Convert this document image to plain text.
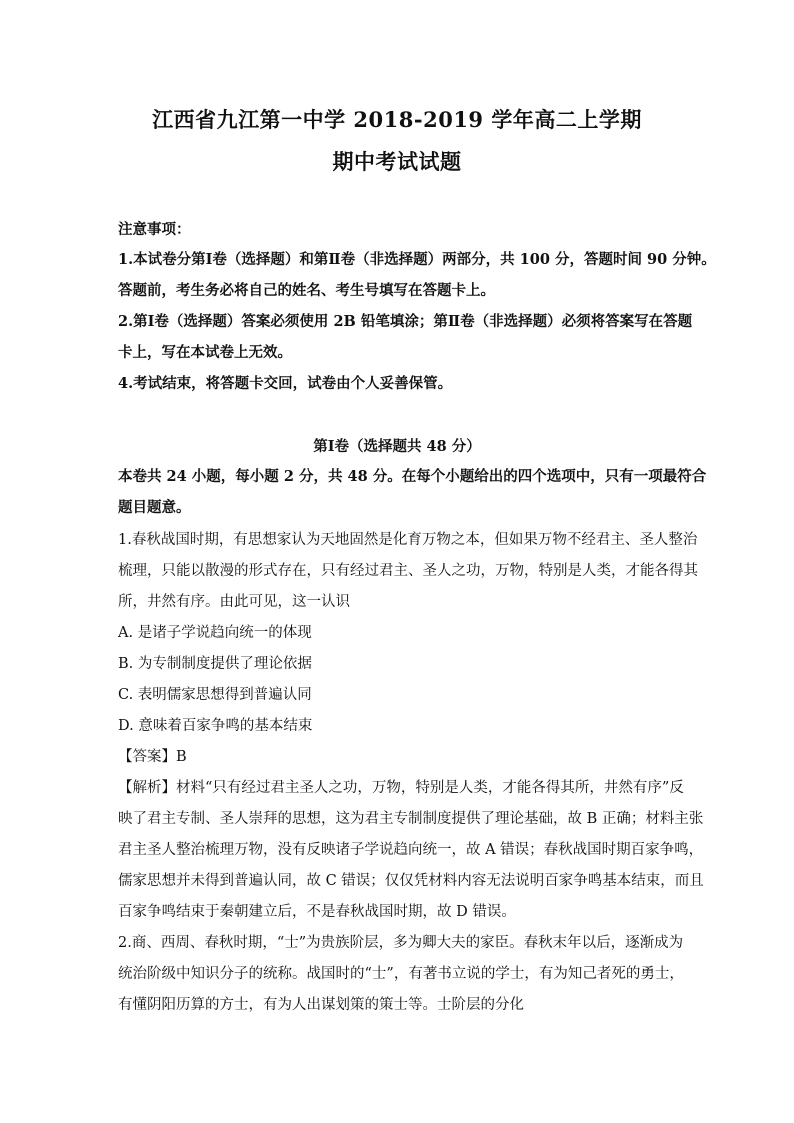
江西省九江第一中学 2018-2019 学年高二上学期
期中考试试题
注意事项：
1.本试卷分第Ⅰ卷（选择题）和第Ⅱ卷（非选择题）两部分，共 100 分，答题时间 90 分钟。
答题前，考生务必将自己的姓名、考生号填写在答题卡上。
2.第Ⅰ卷（选择题）答案必须使用 2B 铅笔填涂；第Ⅱ卷（非选择题）必须将答案写在答题
卡上，写在本试卷上无效。
4.考试结束，将答题卡交回，试卷由个人妥善保管。
第Ⅰ卷（选择题共 48 分）
本卷共 24 小题，每小题 2 分，共 48 分。在每个小题给出的四个选项中，只有一项最符合
题目题意。
1.春秋战国时期，有思想家认为天地固然是化育万物之本，但如果万物不经君主、圣人整治
梳理，只能以散漫的形式存在，只有经过君主、圣人之功，万物，特别是人类，才能各得其
所，井然有序。由此可见，这一认识
A. 是诸子学说趋向统一的体现
B. 为专制制度提供了理论依据
C. 表明儒家思想得到普遍认同
D. 意味着百家争鸣的基本结束
【答案】B
【解析】材料“只有经过君主圣人之功，万物，特别是人类，才能各得其所，井然有序”反
映了君主专制、圣人崇拜的思想，这为君主专制制度提供了理论基础，故 B 正确；材料主张
君主圣人整治梳理万物，没有反映诸子学说趋向统一，故 A 错误；春秋战国时期百家争鸣，
儒家思想并未得到普遍认同，故 C 错误；仅仅凭材料内容无法说明百家争鸣基本结束，而且
百家争鸣结束于秦朝建立后，不是春秋战国时期，故 D 错误。
2.商、西周、春秋时期，“士”为贵族阶层，多为卿大夫的家臣。春秋末年以后，逐渐成为
统治阶级中知识分子的统称。战国时的“士”，有著书立说的学士，有为知己者死的勇士，
有懂阴阳历算的方士，有为人出谋划策的策士等。士阶层的分化
